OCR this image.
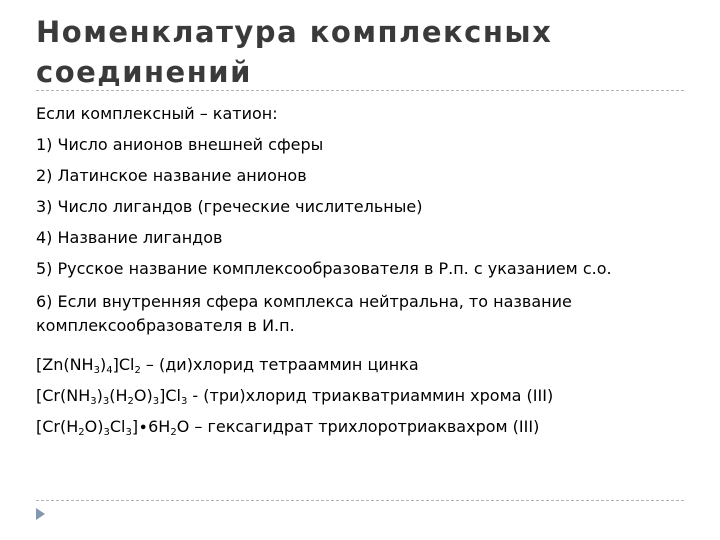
Номенклатура комплексных соединений

Если комплексный – катион:

1) Число анионов внешней сферы

2) Латинское название анионов

3) Число лигандов (греческие числительные)

4) Название лигандов

5) Русское название комплексообразователя в Р.п. с указанием с.о.

6) Если внутренняя сфера комплекса нейтральна, то название комплексообразователя в И.п.

$[Zn(NH_3)_4]Cl_2$ – (ди)хлорид тетрааммин цинка

$[Cr(NH_3)_3(H_2O)_3]Cl_3$ - (три)хлорид триакватриаммин хрома (III)

$[Cr(H_2O)_3Cl_3]\cdot 6H_2O$ – гексагидрат трихлоротриаквахром (III)
